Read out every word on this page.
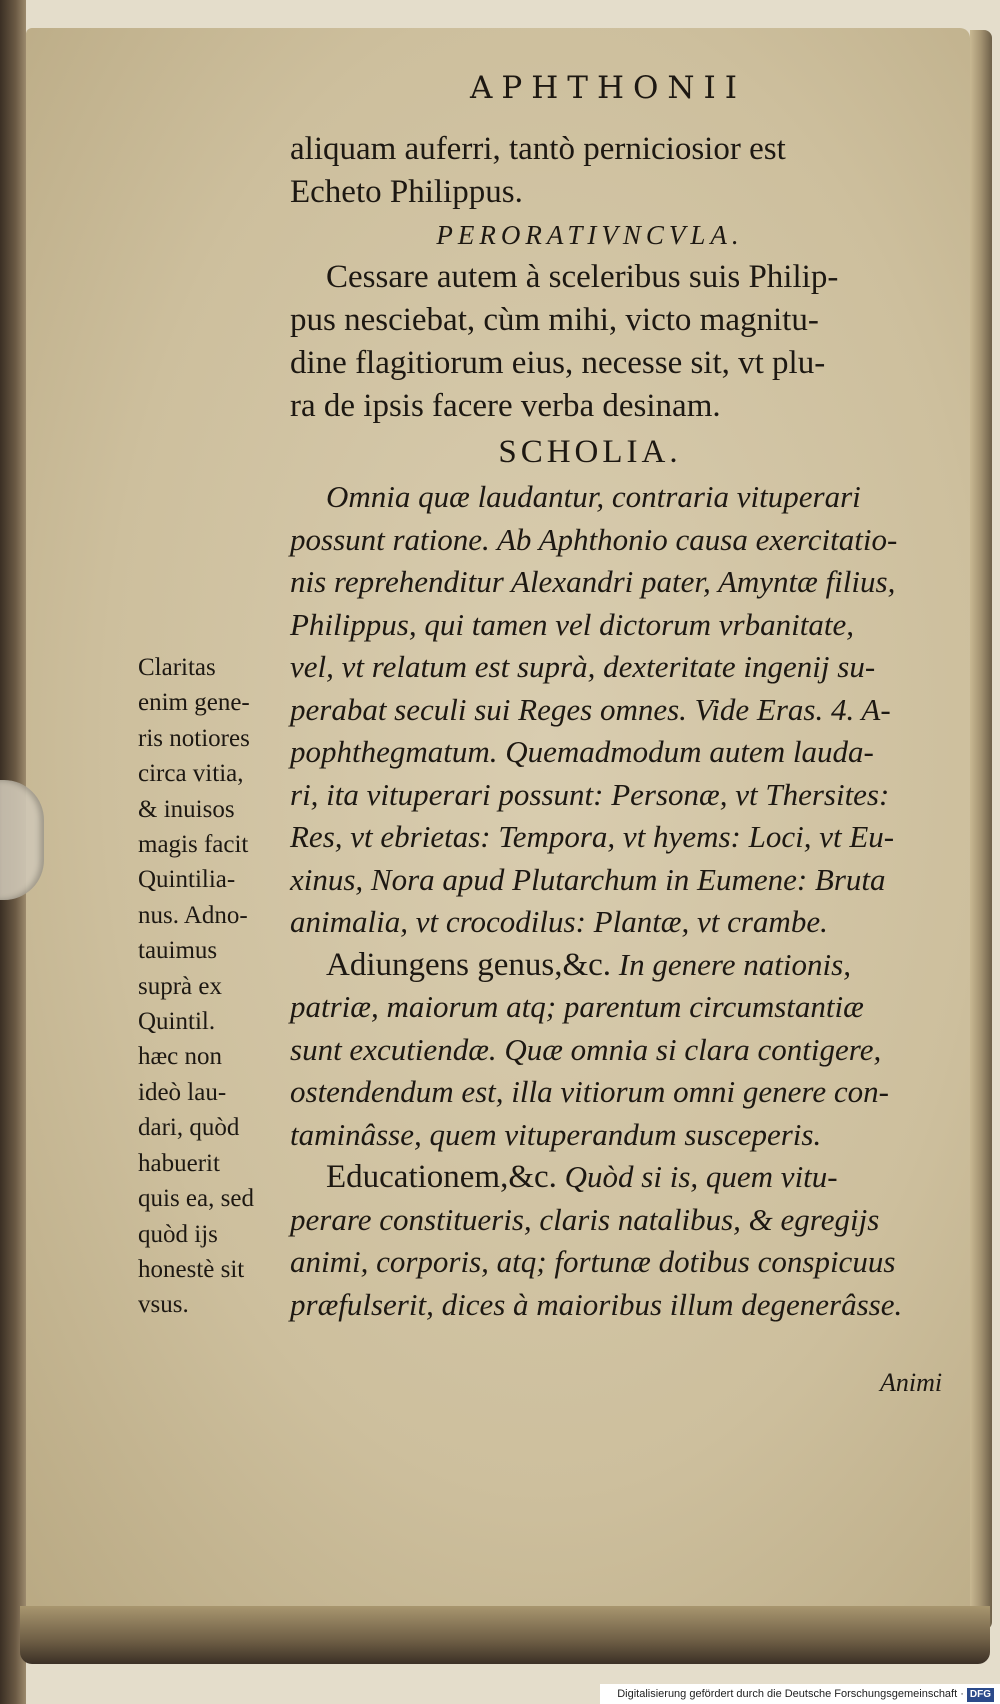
APHTHONII

aliquam auferri, tantò perniciosior est

Echeto Philippus.

PERORATIVNCVLA.

Cessare autem à sceleribus suis Philip-

pus nesciebat, cùm mihi, victo magnitu-

dine flagitiorum eius, necesse sit, vt plu-

ra de ipsis facere verba desinam.

SCHOLIA.

Omnia quæ laudantur, contraria vituperari

possunt ratione. Ab Aphthonio causa exercitatio-

nis reprehenditur Alexandri pater, Amyntæ filius,

Philippus, qui tamen vel dictorum vrbanitate,

vel, vt relatum est suprà, dexteritate ingenij su-

perabat seculi sui Reges omnes. Vide Eras. 4. A-

pophthegmatum. Quemadmodum autem lauda-

ri, ita vituperari possunt: Personæ, vt Thersites:

Res, vt ebrietas: Tempora, vt hyems: Loci, vt Eu-

xinus, Nora apud Plutarchum in Eumene: Bruta

animalia, vt crocodilus: Plantæ, vt crambe.

Adiungens genus,&c. In genere nationis,

patriæ, maiorum atq; parentum circumstantiæ

sunt excutiendæ. Quæ omnia si clara contigere,

ostendendum est, illa vitiorum omni genere con-

taminâsse, quem vituperandum susceperis.

Educationem,&c. Quòd si is, quem vitu-

perare constitueris, claris natalibus, & egregijs

animi, corporis, atq; fortunæ dotibus conspicuus

præfulserit, dices à maioribus illum degenerâsse.

Claritas
enim gene-
ris notiores
circa vitia,
& inuisos
magis facit
Quintilia-
nus. Adno-
tauimus
suprà ex
Quintil.
hæc non
ideò lau-
dari, quòd
habuerit
quis ea, sed
quòd ijs
honestè sit
vsus.
Animi
Digitalisierung gefördert durch die Deutsche Forschungsgemeinschaft · DFG
